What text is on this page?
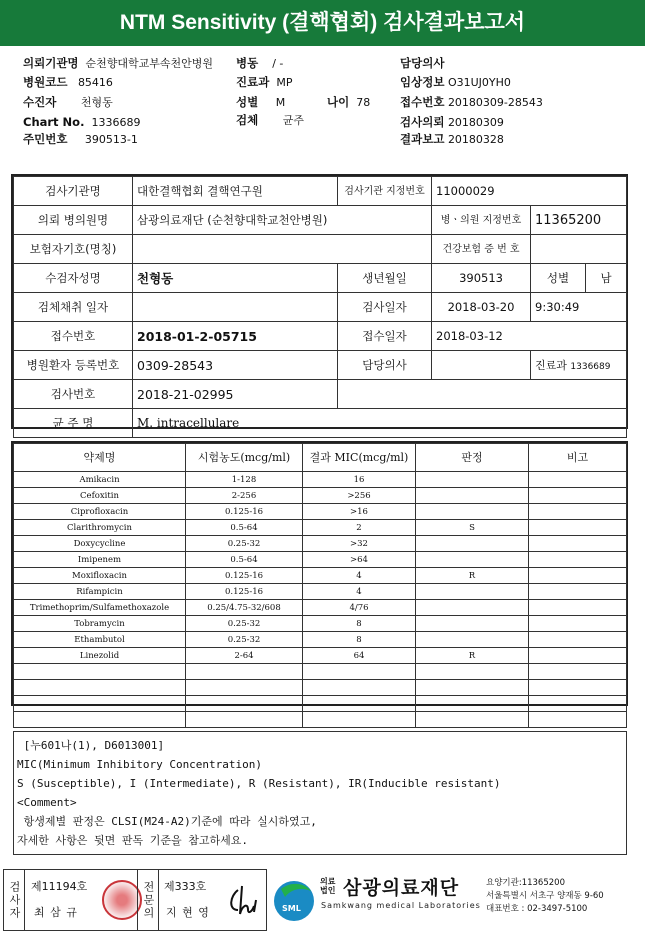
NTM Sensitivity (결핵협회) 검사결과보고서
의뢰기관명 순천향대학교부속천안병원 병동 / -	담당의사
병원코드 85416	진료과 MP	임상정보 O31UJ0YH0
수진자 천형동	성별 M	나이 78	접수번호 20180309-28543
Chart No. 1336689	검체 균주	검사의뢰 20180309
주민번호 390513-1	결과보고 20180328
검사기관명	대한결핵협회 결핵연구원	검사기관 지정번호	11000029		
의뢰 병의원명	삼광의료재단 (순천향대학교천안병원)		병ㆍ의원 지정번호	11365200	
보험자기호(명칭)			건강보험 증 번 호		
수검자성명	천형동	생년월일	390513	성별	남
검체채취 일자		검사일자	2018-03-20	9:30:49	
접수번호	2018-01-2-05715	접수일자	2018-03-12		
병원환자 등록번호	0309-28543	담당의사		진료과 1336689	
검사번호	2018-21-02995				
균 주 명	M. intracellulare				
약제명	시험농도(mcg/ml)	결과 MIC(mcg/ml)	판정	비고
Amikacin	1-128	16		
Cefoxitin	2-256	>256		
Ciprofloxacin	0.125-16	>16		
Clarithromycin	0.5-64	2	S	
Doxycycline	0.25-32	>32		
Imipenem	0.5-64	>64		
Moxifloxacin	0.125-16	4	R	
Rifampicin	0.125-16	4		
Trimethoprim/Sulfamethoxazole	0.25/4.75-32/608	4/76		
Tobramycin	0.25-32	8		
Ethambutol	0.25-32	8		
Linezolid	2-64	64	R	

[누601나(1), D6013001]
MIC(Minimum Inhibitory Concentration)
S (Susceptible), I (Intermediate), R (Resistant), IR(Inducible resistant)
<Comment>
항생제별 판정은 CLSI(M24-A2)기준에 따라 실시하였고,
자세한 사항은 뒷면 판독 기준을 참고하세요.
검사자 제11194호
최 삼 규	전문의 제333호
지 현 영	SML
의료법인 삼광의료재단
Samkwang medical Laboratories
요양기관:11365200
서울특별시 서초구 양재동 9-60
대표번호 : 02-3497-5100
